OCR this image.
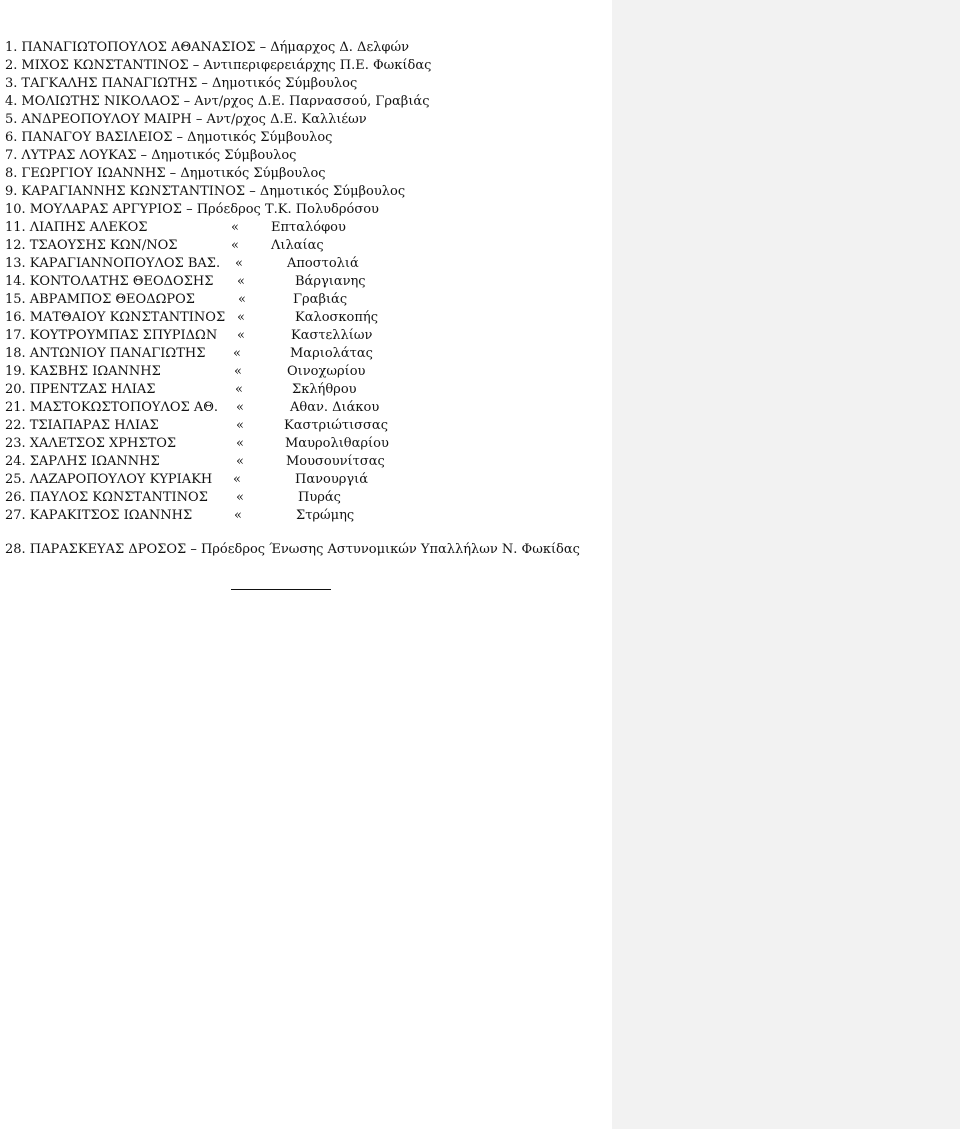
1. ΠΑΝΑΓΙΩΤΟΠΟΥΛΟΣ ΑΘΑΝΑΣΙΟΣ – Δήμαρχος Δ. Δελφών
2. ΜΙΧΟΣ ΚΩΝΣΤΑΝΤΙΝΟΣ – Αντιπεριφερειάρχης Π.Ε. Φωκίδας
3. ΤΑΓΚΑΛΗΣ ΠΑΝΑΓΙΩΤΗΣ – Δημοτικός Σύμβουλος
4. ΜΟΛΙΩΤΗΣ ΝΙΚΟΛΑΟΣ – Αντ/ρχος Δ.Ε. Παρνασσού, Γραβιάς
5. ΑΝΔΡΕΟΠΟΥΛΟΥ ΜΑΙΡΗ – Αντ/ρχος Δ.Ε. Καλλιέων
6. ΠΑΝΑΓΟΥ ΒΑΣΙΛΕΙΟΣ – Δημοτικός Σύμβουλος
7. ΛΥΤΡΑΣ ΛΟΥΚΑΣ – Δημοτικός Σύμβουλος
8. ΓΕΩΡΓΙΟΥ ΙΩΑΝΝΗΣ – Δημοτικός Σύμβουλος
9. ΚΑΡΑΓΙΑΝΝΗΣ ΚΩΝΣΤΑΝΤΙΝΟΣ – Δημοτικός Σύμβουλος
10. ΜΟΥΛΑΡΑΣ ΑΡΓΥΡΙΟΣ – Πρόεδρος Τ.Κ. Πολυδρόσου
11. ΛΙΑΠΗΣ ΑΛΕΚΟΣ	« Επταλόφου
12. ΤΣΑΟΥΣΗΣ ΚΩΝ/ΝΟΣ	« Λιλαίας
13. ΚΑΡΑΓΙΑΝΝΟΠΟΥΛΟΣ ΒΑΣ. «	Αποστολιά
14. ΚΟΝΤΟΛΑΤΗΣ ΘΕΟΔΟΣΗΣ «	Βάργιανης
15. ΑΒΡΑΜΠΟΣ ΘΕΟΔΩΡΟΣ	«	Γραβιάς
16. ΜΑΤΘΑΙΟΥ ΚΩΝΣΤΑΝΤΙΝΟΣ «	Καλοσκοπής
17. ΚΟΥΤΡΟΥΜΠΑΣ ΣΠΥΡΙΔΩΝ «	Καστελλίων
18. ΑΝΤΩΝΙΟΥ ΠΑΝΑΓΙΩΤΗΣ «	Μαριολάτας
19. ΚΑΣΒΗΣ ΙΩΑΝΝΗΣ	«	Οινοχωρίου
20. ΠΡΕΝΤΖΑΣ ΗΛΙΑΣ	«	Σκλήθρου
21. ΜΑΣΤΟΚΩΣΤΟΠΟΥΛΟΣ ΑΘ. «	Αθαν. Διάκου
22. ΤΣΙΑΠΑΡΑΣ ΗΛΙΑΣ	«	Καστριώτισσας
23. ΧΑΛΕΤΣΟΣ ΧΡΗΣΤΟΣ	«	Μαυρολιθαρίου
24. ΣΑΡΛΗΣ ΙΩΑΝΝΗΣ	«	Μουσουνίτσας
25. ΛΑΖΑΡΟΠΟΥΛΟΥ ΚΥΡΙΑΚΗ «	Πανουργιά
26. ΠΑΥΛΟΣ ΚΩΝΣΤΑΝΤΙΝΟΣ «	Πυράς
27. ΚΑΡΑΚΙΤΣΟΣ ΙΩΑΝΝΗΣ	«	Στρώμης
28. ΠΑΡΑΣΚΕΥΑΣ ΔΡΟΣΟΣ – Πρόεδρος Ένωσης Αστυνομικών Υπαλλήλων Ν. Φωκίδας
